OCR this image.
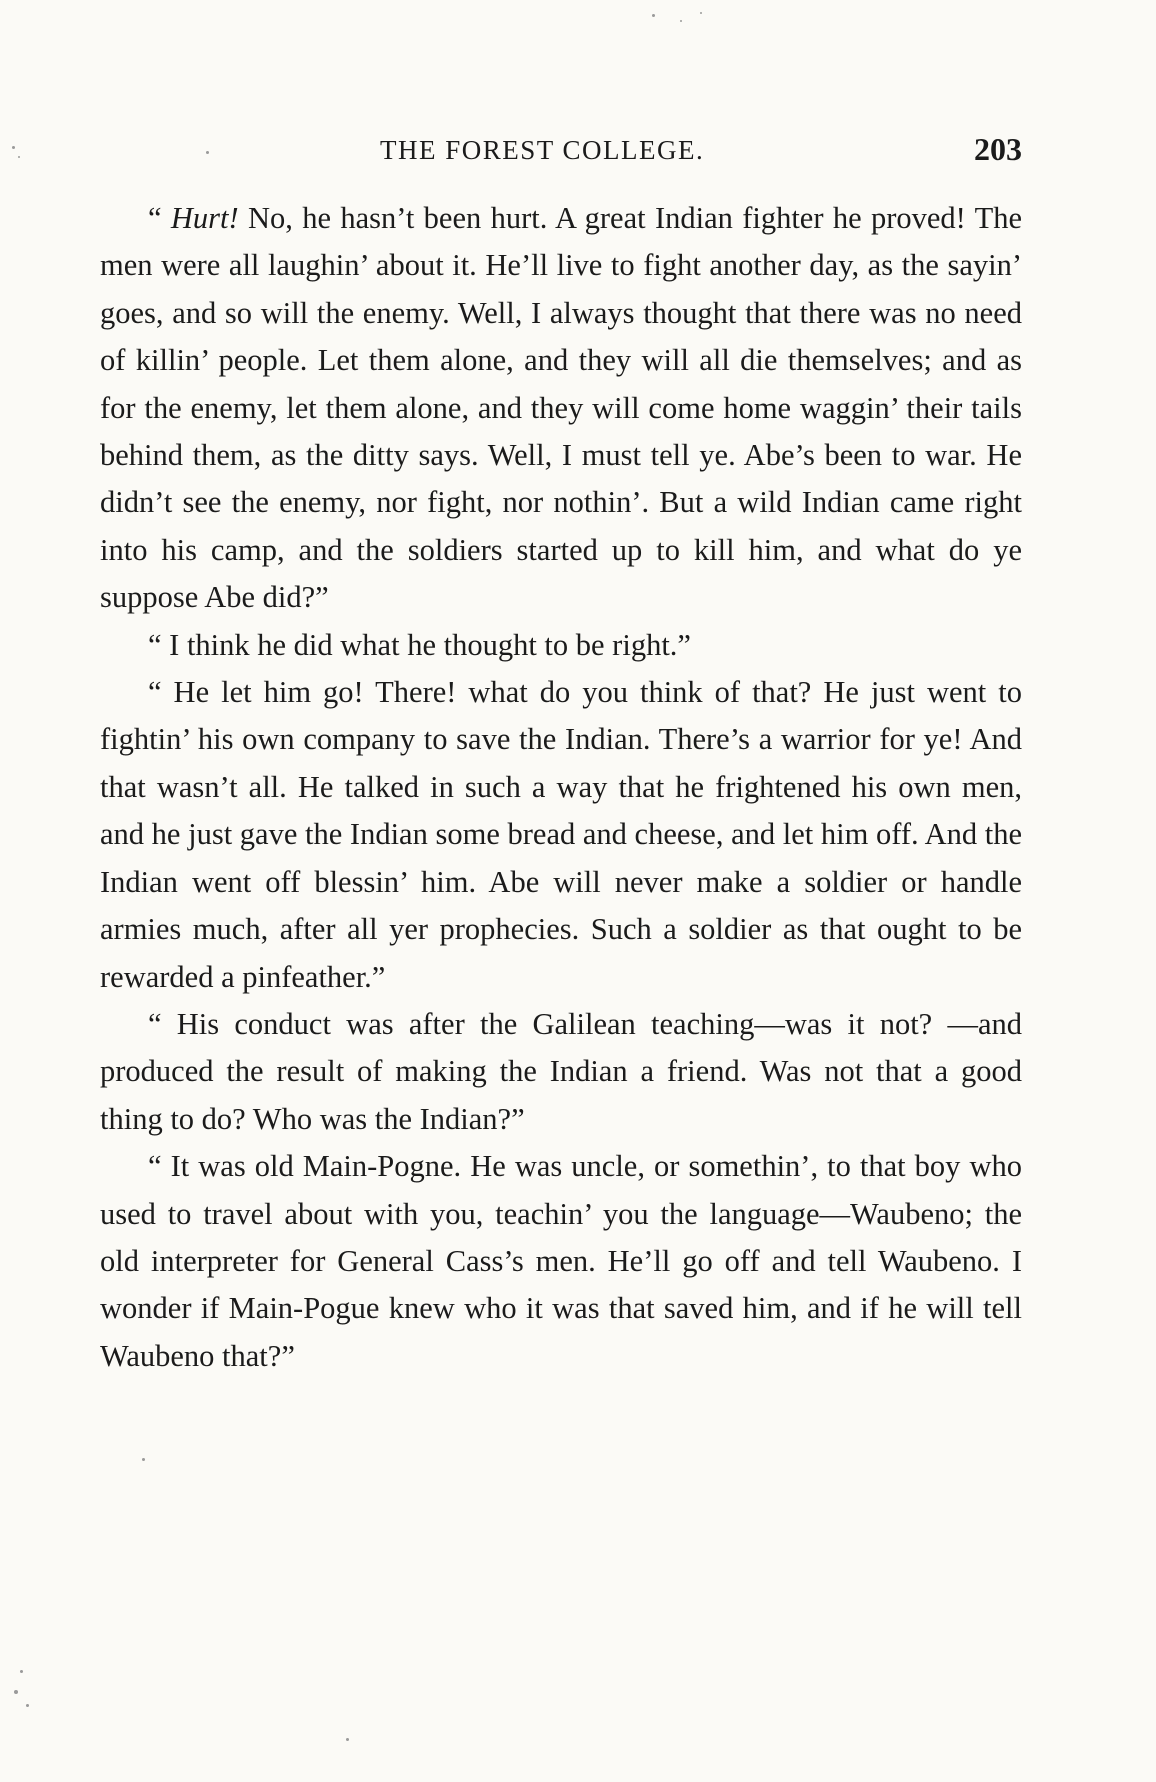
THE FOREST COLLEGE.	203

“ Hurt! No, he hasn’t been hurt. A great Indian fighter he proved! The men were all laughin’ about it. He’ll live to fight another day, as the sayin’ goes, and so will the enemy. Well, I always thought that there was no need of killin’ people. Let them alone, and they will all die themselves; and as for the enemy, let them alone, and they will come home waggin’ their tails behind them, as the ditty says. Well, I must tell ye. Abe’s been to war. He didn’t see the enemy, nor fight, nor nothin’. But a wild Indian came right into his camp, and the soldiers started up to kill him, and what do ye suppose Abe did?”

“ I think he did what he thought to be right.”

“ He let him go! There! what do you think of that? He just went to fightin’ his own company to save the Indian. There’s a warrior for ye! And that wasn’t all. He talked in such a way that he frightened his own men, and he just gave the Indian some bread and cheese, and let him off. And the Indian went off blessin’ him. Abe will never make a soldier or handle armies much, after all yer prophecies. Such a soldier as that ought to be rewarded a pinfeather.”

“ His conduct was after the Galilean teaching—was it not? —and produced the result of making the Indian a friend. Was not that a good thing to do? Who was the Indian?”

“ It was old Main-Pogne. He was uncle, or somethin’, to that boy who used to travel about with you, teachin’ you the language—Waubeno; the old interpreter for General Cass’s men. He’ll go off and tell Waubeno. I wonder if Main-Pogue knew who it was that saved him, and if he will tell Waubeno that?”
